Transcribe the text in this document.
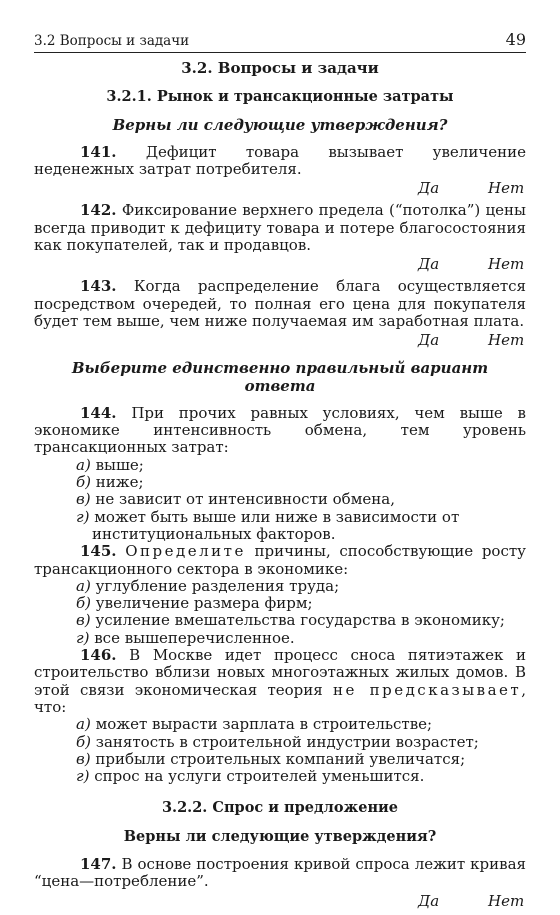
3.2 Вопросы и задачи	49
3.2. Вопросы и задачи
3.2.1. Рынок и трансакционные затраты
Верны ли следующие утверждения?

141. Дефицит товара вызывает увеличение неденежных затрат потребителя.

Да	Нет

142. Фиксирование верхнего предела (“потолка”) цены всегда приводит к дефициту товара и потере благосостояния как покупателей, так и продавцов.

Да	Нет

143. Когда распределение блага осуществляется посредством очередей, то полная его цена для покупателя будет тем выше, чем ниже получаемая им заработная плата.

Да	Нет
Выберите единственно правильный вариант ответа

144. При прочих равных условиях, чем выше в экономике интенсивность обмена, тем уровень трансакционных затрат:

а) выше;
б) ниже;
в) не зависит от интенсивности обмена,
г) может быть выше или ниже в зависимости от институциональных факторов.

145. Определите причины, способствующие росту трансакционного сектора в экономике:

а) углубление разделения труда;
б) увеличение размера фирм;
в) усиление вмешательства государства в экономику;
г) все вышеперечисленное.

146. В Москве идет процесс сноса пятиэтажек и строительство вблизи новых многоэтажных жилых домов. В этой связи экономическая теория не предсказывает, что:

а) может вырасти зарплата в строительстве;
б) занятость в строительной индустрии возрастет;
в) прибыли строительных компаний увеличатся;
г) спрос на услуги строителей уменьшится.
3.2.2. Спрос и предложение
Верны ли следующие утверждения?

147. В основе построения кривой спроса лежит кривая “цена—потребление”.

Да	Нет
